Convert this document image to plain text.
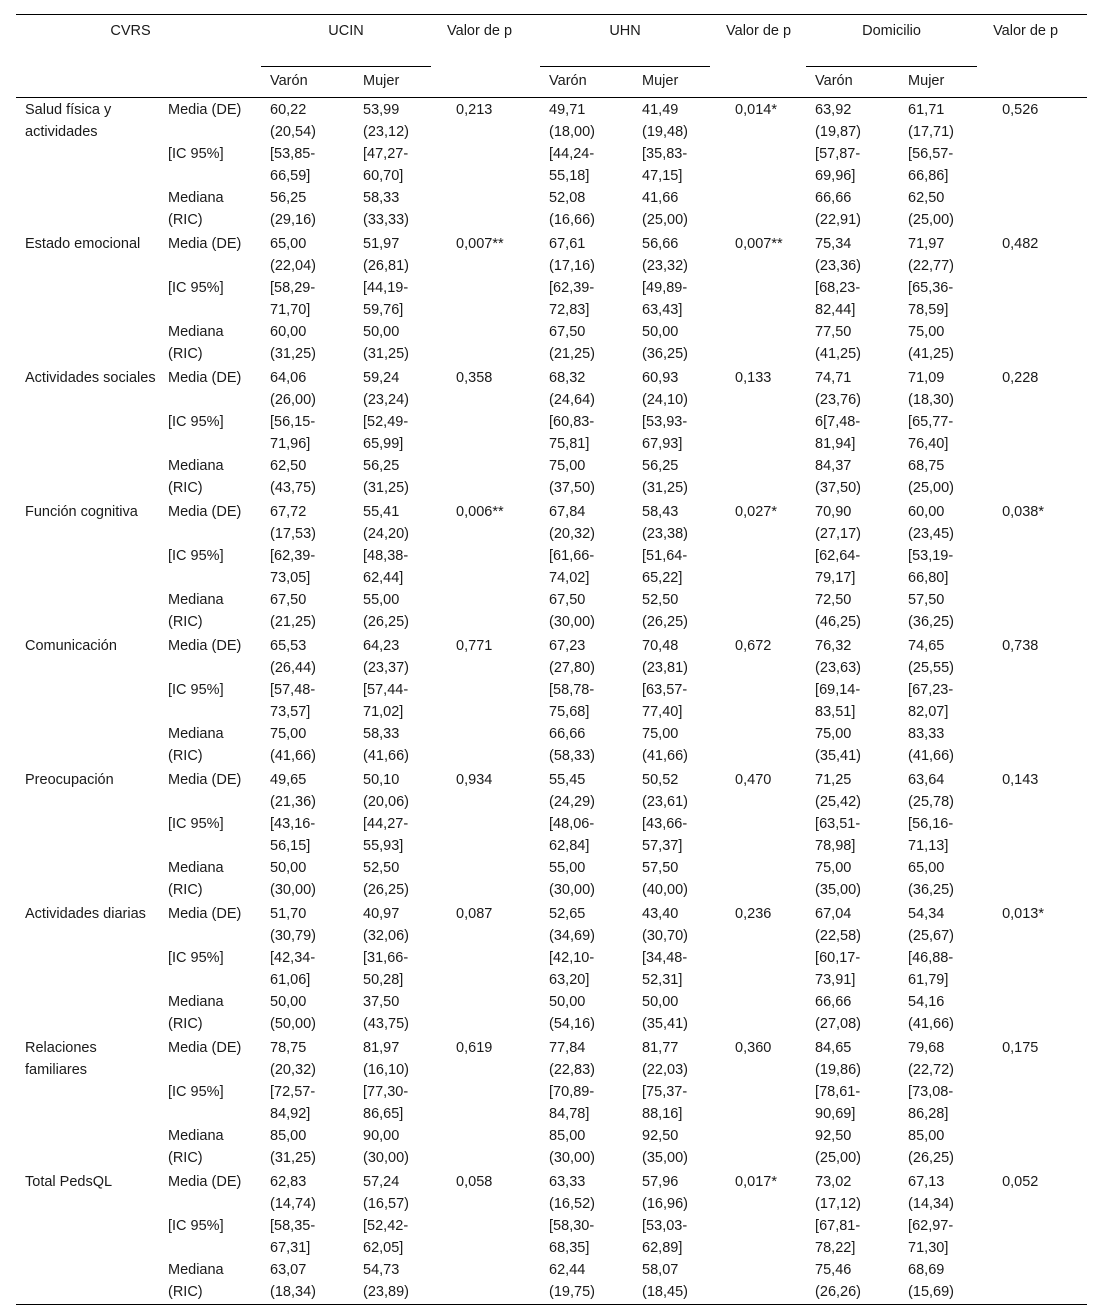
CVRS		UCIN		Valor de p	UHN		Valor de p	Domicilio		Valor de p
		Varón	Mujer		Varón	Mujer		Varón	Mujer	
Salud física y actividades	Media (DE)	60,22 (20,54)	53,99 (23,12)	0,213	49,71 (18,00)	41,49 (19,48)	0,014*	63,92 (19,87)	61,71 (17,71)	0,526
	[IC 95%]	[53,85-66,59]	[47,27-60,70]		[44,24-55,18]	[35,83-47,15]		[57,87-69,96]	[56,57-66,86]	
	Mediana (RIC)	56,25 (29,16)	58,33 (33,33)		52,08 (16,66)	41,66 (25,00)		66,66 (22,91)	62,50 (25,00)	
Estado emocional	Media (DE)	65,00 (22,04)	51,97 (26,81)	0,007**	67,61 (17,16)	56,66 (23,32)	0,007**	75,34 (23,36)	71,97 (22,77)	0,482
	[IC 95%]	[58,29-71,70]	[44,19-59,76]		[62,39-72,83]	[49,89-63,43]		[68,23-82,44]	[65,36-78,59]	
	Mediana (RIC)	60,00 (31,25)	50,00 (31,25)		67,50 (21,25)	50,00 (36,25)		77,50 (41,25)	75,00 (41,25)	
Actividades sociales	Media (DE)	64,06 (26,00)	59,24 (23,24)	0,358	68,32 (24,64)	60,93 (24,10)	0,133	74,71 (23,76)	71,09 (18,30)	0,228
	[IC 95%]	[56,15-71,96]	[52,49-65,99]		[60,83-75,81]	[53,93-67,93]		6[7,48-81,94]	[65,77-76,40]	
	Mediana (RIC)	62,50 (43,75)	56,25 (31,25)		75,00 (37,50)	56,25 (31,25)		84,37 (37,50)	68,75 (25,00)	
Función cognitiva	Media (DE)	67,72 (17,53)	55,41 (24,20)	0,006**	67,84 (20,32)	58,43 (23,38)	0,027*	70,90 (27,17)	60,00 (23,45)	0,038*
	[IC 95%]	[62,39-73,05]	[48,38-62,44]		[61,66-74,02]	[51,64-65,22]		[62,64-79,17]	[53,19-66,80]	
	Mediana (RIC)	67,50 (21,25)	55,00 (26,25)		67,50 (30,00)	52,50 (26,25)		72,50 (46,25)	57,50 (36,25)	
Comunicación	Media (DE)	65,53 (26,44)	64,23 (23,37)	0,771	67,23 (27,80)	70,48 (23,81)	0,672	76,32 (23,63)	74,65 (25,55)	0,738
	[IC 95%]	[57,48-73,57]	[57,44-71,02]		[58,78-75,68]	[63,57-77,40]		[69,14-83,51]	[67,23-82,07]	
	Mediana (RIC)	75,00 (41,66)	58,33 (41,66)		66,66 (58,33)	75,00 (41,66)		75,00 (35,41)	83,33 (41,66)	
Preocupación	Media (DE)	49,65 (21,36)	50,10 (20,06)	0,934	55,45 (24,29)	50,52 (23,61)	0,470	71,25 (25,42)	63,64 (25,78)	0,143
	[IC 95%]	[43,16-56,15]	[44,27-55,93]		[48,06-62,84]	[43,66-57,37]		[63,51-78,98]	[56,16-71,13]	
	Mediana (RIC)	50,00 (30,00)	52,50 (26,25)		55,00 (30,00)	57,50 (40,00)		75,00 (35,00)	65,00 (36,25)	
Actividades diarias	Media (DE)	51,70 (30,79)	40,97 (32,06)	0,087	52,65 (34,69)	43,40 (30,70)	0,236	67,04 (22,58)	54,34 (25,67)	0,013*
	[IC 95%]	[42,34-61,06]	[31,66-50,28]		[42,10-63,20]	[34,48-52,31]		[60,17-73,91]	[46,88-61,79]	
	Mediana (RIC)	50,00 (50,00)	37,50 (43,75)		50,00 (54,16)	50,00 (35,41)		66,66 (27,08)	54,16 (41,66)	
Relaciones familiares	Media (DE)	78,75 (20,32)	81,97 (16,10)	0,619	77,84 (22,83)	81,77 (22,03)	0,360	84,65 (19,86)	79,68 (22,72)	0,175
	[IC 95%]	[72,57-84,92]	[77,30-86,65]		[70,89-84,78]	[75,37-88,16]		[78,61-90,69]	[73,08-86,28]	
	Mediana (RIC)	85,00 (31,25)	90,00 (30,00)		85,00 (30,00)	92,50 (35,00)		92,50 (25,00)	85,00 (26,25)	
Total PedsQL	Media (DE)	62,83 (14,74)	57,24 (16,57)	0,058	63,33 (16,52)	57,96 (16,96)	0,017*	73,02 (17,12)	67,13 (14,34)	0,052
	[IC 95%]	[58,35-67,31]	[52,42-62,05]		[58,30-68,35]	[53,03-62,89]		[67,81-78,22]	[62,97-71,30]	
	Mediana (RIC)	63,07 (18,34)	54,73 (23,89)		62,44 (19,75)	58,07 (18,45)		75,46 (26,26)	68,69 (15,69)	
